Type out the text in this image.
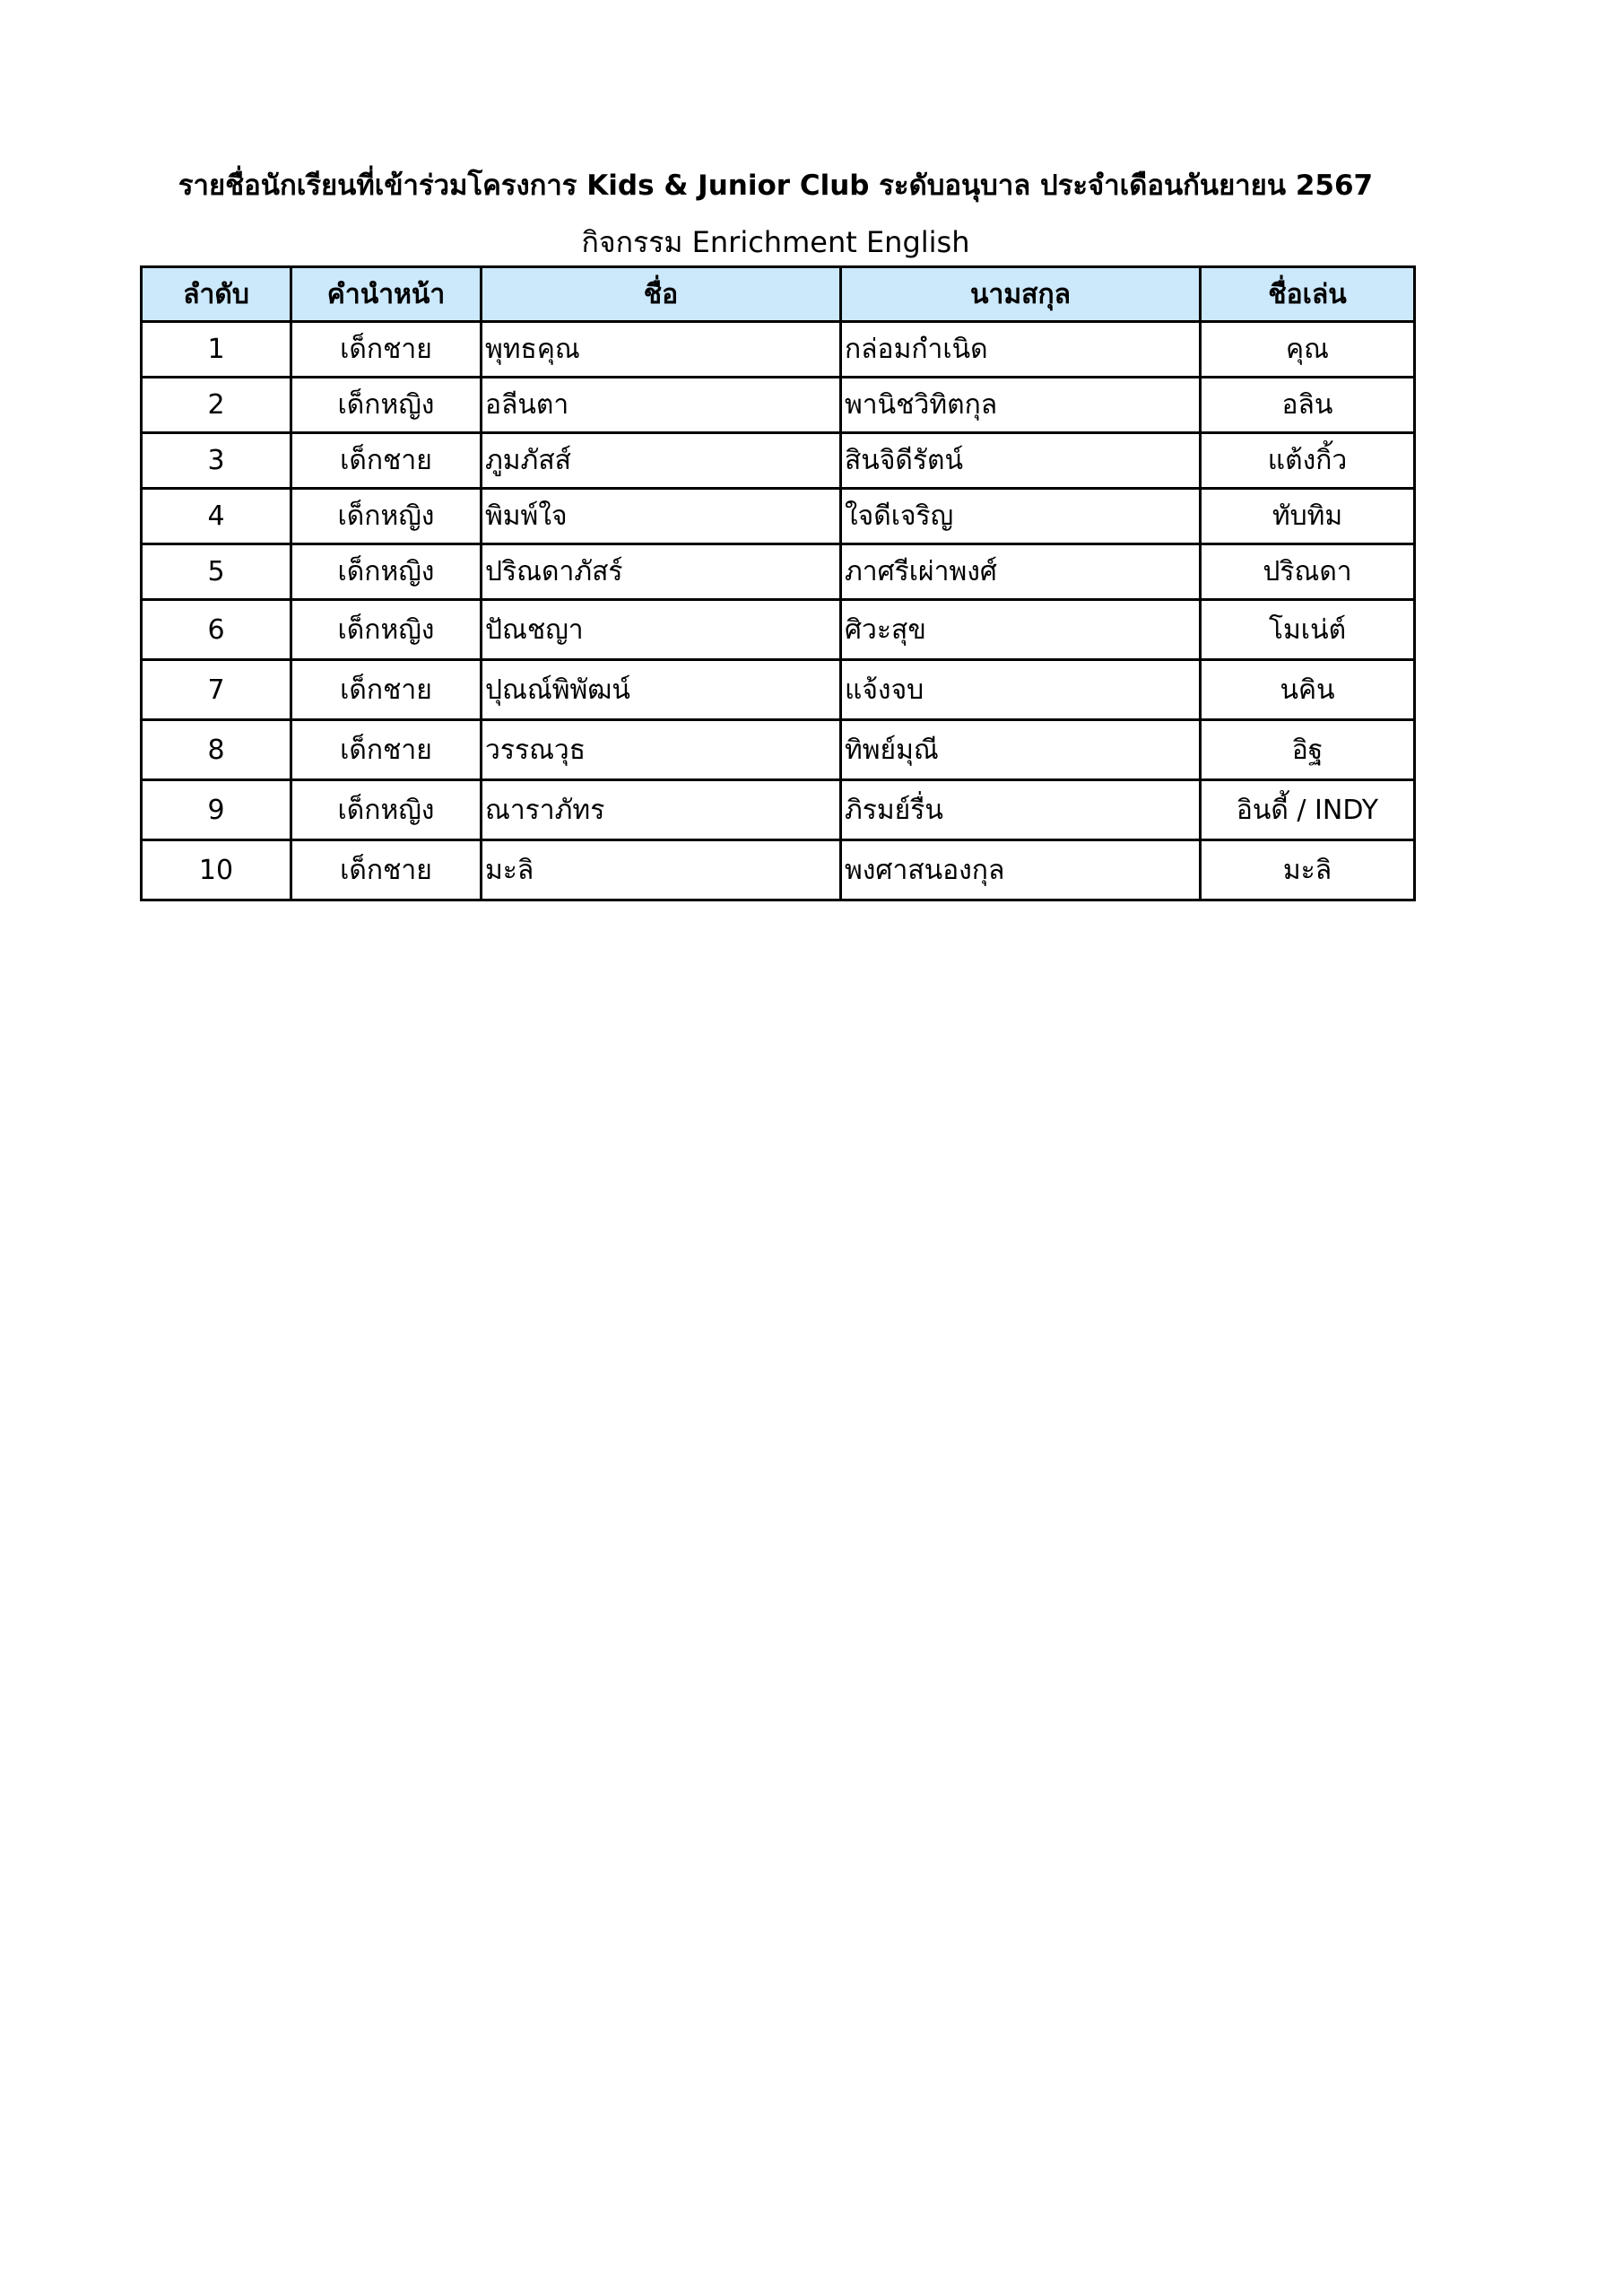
รายชื่อนักเรียนที่เข้าร่วมโครงการ Kids & Junior Club ระดับอนุบาล ประจำเดือนกันยายน 2567
กิจกรรม Enrichment English
ลำดับ	คำนำหน้า	ชื่อ	นามสกุล	ชื่อเล่น
1	เด็กชาย	พุทธคุณ	กล่อมกำเนิด	คุณ
2	เด็กหญิง	อลีนตา	พานิชวิทิตกุล	อลิน
3	เด็กชาย	ภูมภัสส์	สินจิดีรัตน์	แต้งกิ้ว
4	เด็กหญิง	พิมพ์ใจ	ใจดีเจริญ	ทับทิม
5	เด็กหญิง	ปริณดาภัสร์	ภาศรีเผ่าพงศ์	ปริณดา
6	เด็กหญิง	ปัณชญา	ศิวะสุข	โมเน่ต์
7	เด็กชาย	ปุณณ์พิพัฒน์	แจ้งจบ	นคิน
8	เด็กชาย	วรรณวุธ	ทิพย์มุณี	อิฐ
9	เด็กหญิง	ณาราภัทร	ภิรมย์รื่น	อินดี้ / INDY
10	เด็กชาย	มะลิ	พงศาสนองกุล	มะลิ
